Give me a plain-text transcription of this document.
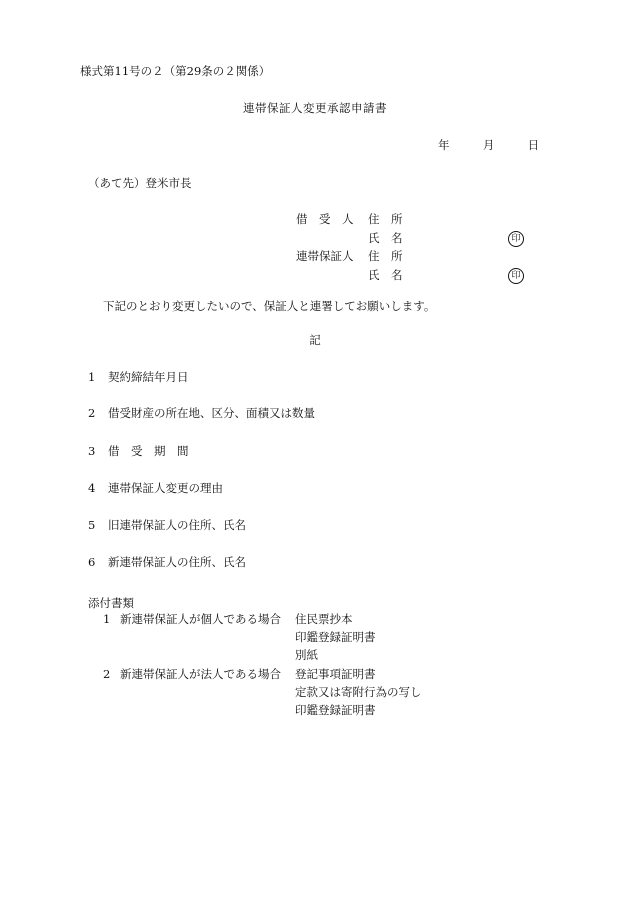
様式第11号の２（第29条の２関係）
連帯保証人変更承認申請書
年	月	日
（あて先）登米市長
借　受　人	住　所
氏　名	印
連帯保証人 住　所
氏　名	印
下記のとおり変更したいので、保証人と連署してお願いします。
記
1 契約締結年月日
2 借受財産の所在地、区分、面積又は数量
3 借　受　期　間
4 連帯保証人変更の理由
5 旧連帯保証人の住所、氏名
6 新連帯保証人の住所、氏名
添付書類
1 新連帯保証人が個人である場合 住民票抄本
印鑑登録証明書
別紙
2 新連帯保証人が法人である場合 登記事項証明書
定款又は寄附行為の写し
印鑑登録証明書
